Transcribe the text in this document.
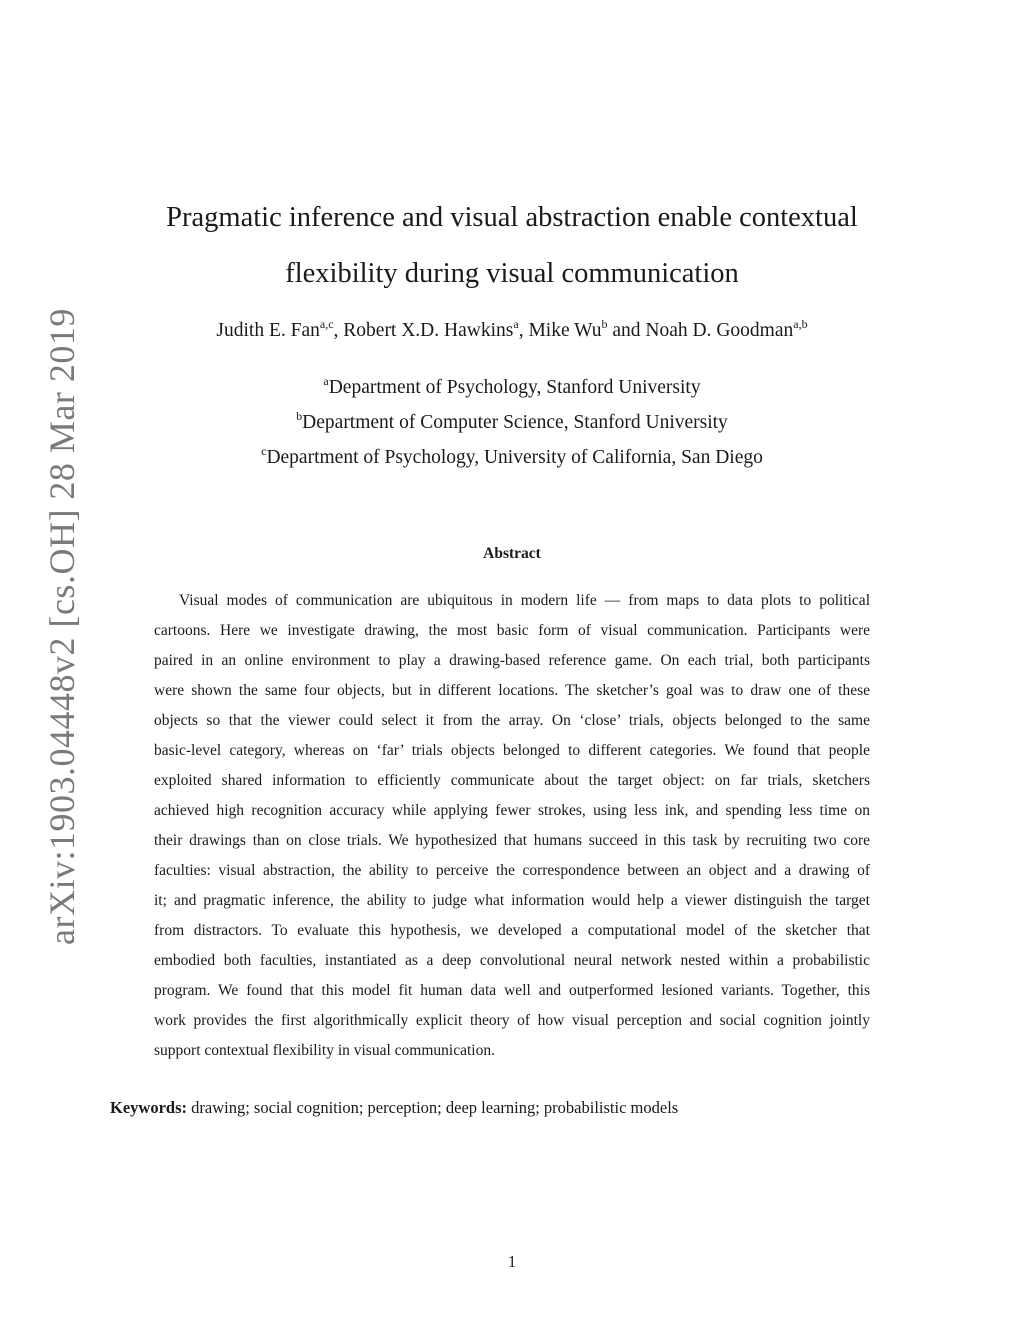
arXiv:1903.04448v2 [cs.OH] 28 Mar 2019
Pragmatic inference and visual abstraction enable contextual
flexibility during visual communication
Judith E. Fan$^{a,c}$, Robert X.D. Hawkins$^a$, Mike Wu$^b$ and Noah D. Goodman$^{a,b}$
$^a$Department of Psychology, Stanford University
$^b$Department of Computer Science, Stanford University
$^c$Department of Psychology, University of California, San Diego
Abstract
Visual modes of communication are ubiquitous in modern life — from maps to data plots to political
cartoons. Here we investigate drawing, the most basic form of visual communication. Participants were
paired in an online environment to play a drawing-based reference game. On each trial, both participants
were shown the same four objects, but in different locations. The sketcher’s goal was to draw one of these
objects so that the viewer could select it from the array. On ‘close’ trials, objects belonged to the same
basic-level category, whereas on ‘far’ trials objects belonged to different categories. We found that people
exploited shared information to efficiently communicate about the target object: on far trials, sketchers
achieved high recognition accuracy while applying fewer strokes, using less ink, and spending less time on
their drawings than on close trials. We hypothesized that humans succeed in this task by recruiting two core
faculties: visual abstraction, the ability to perceive the correspondence between an object and a drawing of
it; and pragmatic inference, the ability to judge what information would help a viewer distinguish the target
from distractors. To evaluate this hypothesis, we developed a computational model of the sketcher that
embodied both faculties, instantiated as a deep convolutional neural network nested within a probabilistic
program. We found that this model fit human data well and outperformed lesioned variants. Together, this
work provides the first algorithmically explicit theory of how visual perception and social cognition jointly
support contextual flexibility in visual communication.
Keywords: drawing; social cognition; perception; deep learning; probabilistic models
1
